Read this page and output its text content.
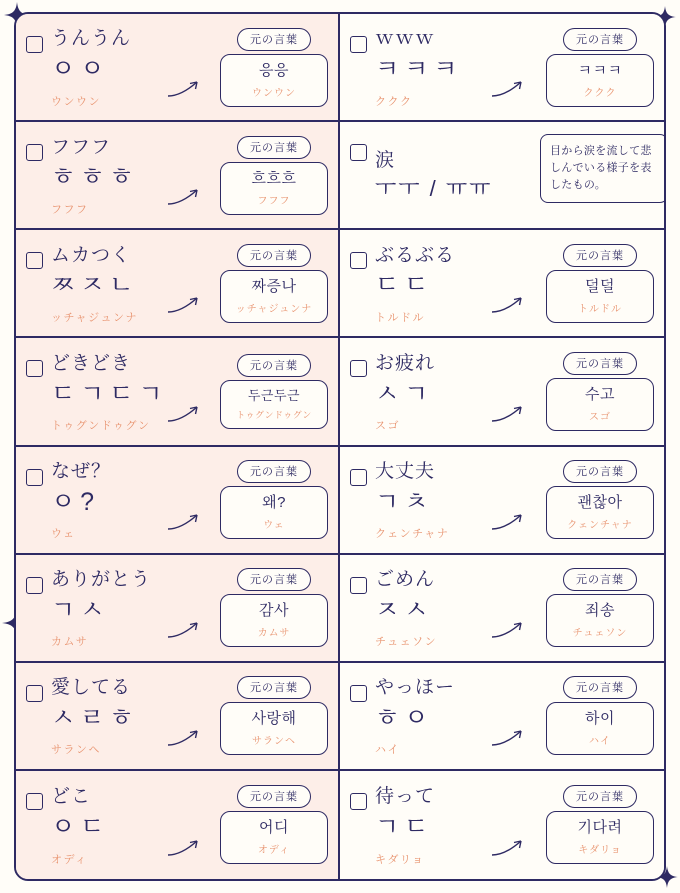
うんうん
ㅇㅇ
ウンウン
元の言葉
응응
ウンウン
ｗｗｗ
ㅋㅋㅋ
ククク
元の言葉
ㅋㅋㅋ
ククク
フフフ
ㅎㅎㅎ
フフフ
元の言葉
흐흐흐
フフフ
涙
ㅜㅜ / ㅠㅠ
目から涙を流して悲しんでいる様子を表したもの。
ムカつく
ㅉㅈㄴ
ッチャジュンナ
元の言葉
짜증나
ッチャジュンナ
ぶるぶる
ㄷㄷ
トルドル
元の言葉
덜덜
トルドル
どきどき
ㄷㄱㄷㄱ
トゥグンドゥグン
元の言葉
두근두근
トゥグンドゥグン
お疲れ
ㅅㄱ
スゴ
元の言葉
수고
スゴ
なぜ？
ㅇ?
ウェ
元の言葉
왜?
ウェ
大丈夫
ㄱㅊ
クェンチャナ
元の言葉
괜찮아
クェンチャナ
ありがとう
ㄱㅅ
カムサ
元の言葉
감사
カムサ
ごめん
ㅈㅅ
チュェソン
元の言葉
죄송
チュェソン
愛してる
ㅅㄹㅎ
サランヘ
元の言葉
사랑해
サランヘ
やっほー
ㅎㅇ
ハイ
元の言葉
하이
ハイ
どこ
ㅇㄷ
オディ
元の言葉
어디
オディ
待って
ㄱㄷ
キダリョ
元の言葉
기다려
キダリョ
